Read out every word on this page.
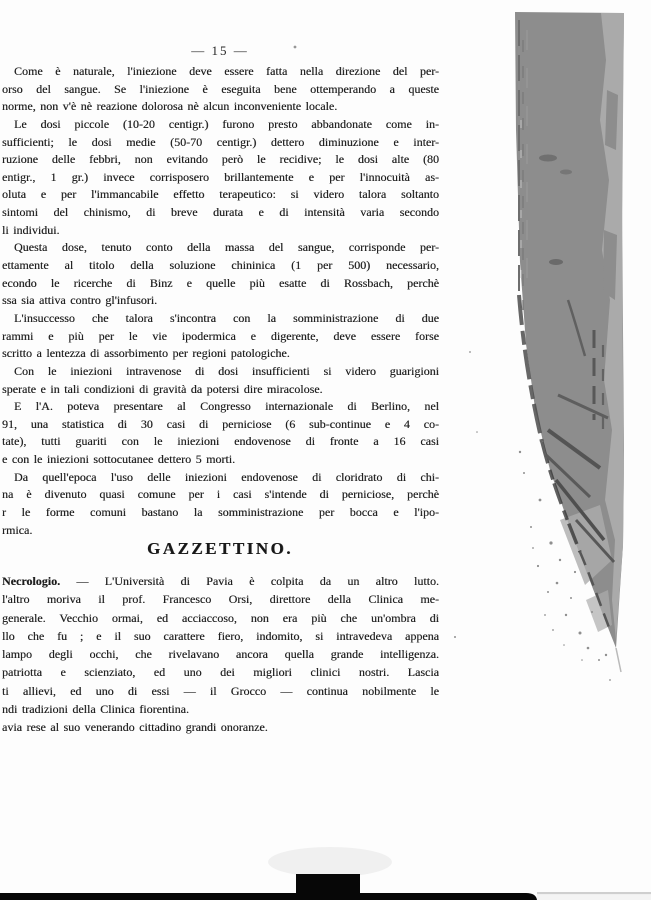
— 15 —
Come è naturale, l'iniezione deve essere fatta nella direzione del per-
orso del sangue. Se l'iniezione è eseguita bene ottemperando a queste
norme, non v'è nè reazione dolorosa nè alcun inconveniente locale.
Le dosi piccole (10-20 centigr.) furono presto abbandonate come in-
sufficienti; le dosi medie (50-70 centigr.) dettero diminuzione e inter-
ruzione delle febbri, non evitando però le recidive; le dosi alte (80
entigr., 1 gr.) invece corrisposero brillantemente e per l'innocuità as-
oluta e per l'immancabile effetto terapeutico: si videro talora soltanto
sintomi del chinismo, di breve durata e di intensità varia secondo
li individui.
Questa dose, tenuto conto della massa del sangue, corrisponde per-
ettamente al titolo della soluzione chininica (1 per 500) necessario,
econdo le ricerche di Binz e quelle più esatte di Rossbach, perchè
ssa sia attiva contro gl'infusori.
L'insuccesso che talora s'incontra con la somministrazione di due
rammi e più per le vie ipodermica e digerente, deve essere forse
scritto a lentezza di assorbimento per regioni patologiche.
Con le iniezioni intravenose di dosi insufficienti si videro guarigioni
sperate e in tali condizioni di gravità da potersi dire miracolose.
E l'A. poteva presentare al Congresso internazionale di Berlino, nel
91, una statistica di 30 casi di perniciose (6 sub-continue e 4 co-
tate), tutti guariti con le iniezioni endovenose di fronte a 16 casi
e con le iniezioni sottocutanee dettero 5 morti.
Da quell'epoca l'uso delle iniezioni endovenose di cloridrato di chi-
na è divenuto quasi comune per i casi s'intende di perniciose, perchè
r le forme comuni bastano la somministrazione per bocca e l'ipo-
rmica.
GAZZETTINO.
Necrologio. — L'Università di Pavia è colpita da un altro lutto.
l'altro moriva il prof. Francesco Orsi, direttore della Clinica me-
generale. Vecchio ormai, ed acciaccoso, non era più che un'ombra di
llo che fu ; e il suo carattere fiero, indomito, si intravedeva appena
lampo degli occhi, che rivelavano ancora quella grande intelligenza.
patriotta e scienziato, ed uno dei migliori clinici nostri. Lascia
ti allievi, ed uno di essi — il Grocco — continua nobilmente le
ndi tradizioni della Clinica fiorentina.
avia rese al suo venerando cittadino grandi onoranze.
